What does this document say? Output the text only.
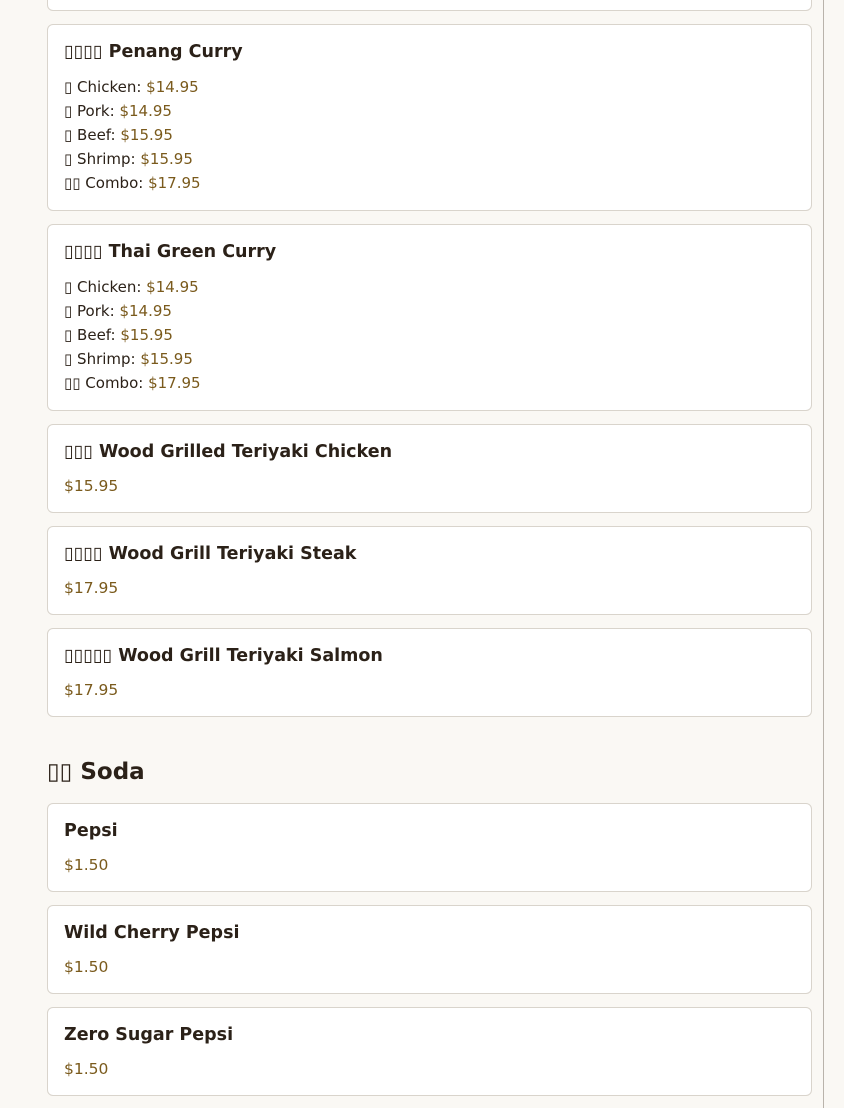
▯▯▯▯ Penang Curry
▯ Chicken: $14.95
▯ Pork: $14.95
▯ Beef: $15.95
▯ Shrimp: $15.95
▯▯ Combo: $17.95
▯▯▯▯ Thai Green Curry
▯ Chicken: $14.95
▯ Pork: $14.95
▯ Beef: $15.95
▯ Shrimp: $15.95
▯▯ Combo: $17.95
▯▯▯ Wood Grilled Teriyaki Chicken
$15.95
▯▯▯▯ Wood Grill Teriyaki Steak
$17.95
▯▯▯▯▯ Wood Grill Teriyaki Salmon
$17.95
▯▯ Soda
Pepsi
$1.50
Wild Cherry Pepsi
$1.50
Zero Sugar Pepsi
$1.50
